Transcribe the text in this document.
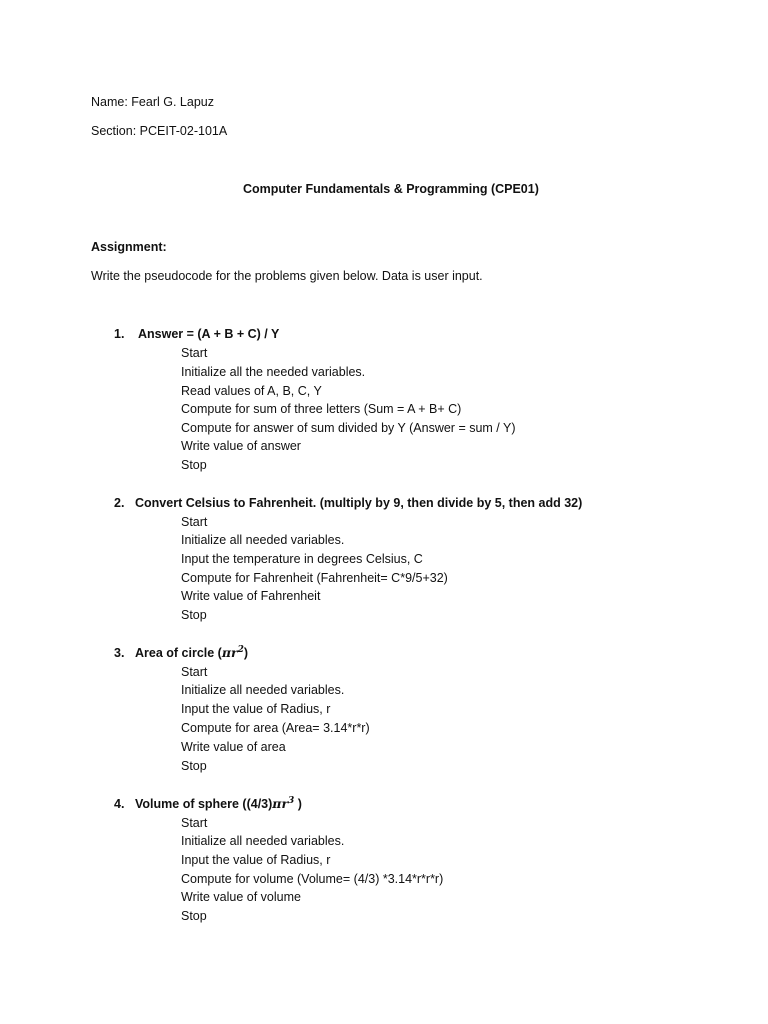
Name: Fearl G. Lapuz
Section: PCEIT-02-101A
Computer Fundamentals & Programming (CPE01)
Assignment:
Write the pseudocode for the problems given below. Data is user input.
1. Answer = (A + B + C) / Y
Start
Initialize all the needed variables.
Read values of A, B, C, Y
Compute for sum of three letters (Sum = A + B+ C)
Compute for answer of sum divided by Y (Answer = sum / Y)
Write value of answer
Stop
2. Convert Celsius to Fahrenheit. (multiply by 9, then divide by 5, then add 32)
Start
Initialize all needed variables.
Input the temperature in degrees Celsius, C
Compute for Fahrenheit (Fahrenheit= C*9/5+32)
Write value of Fahrenheit
Stop
3. Area of circle $(\pi r^2)$
Start
Initialize all needed variables.
Input the value of Radius, r
Compute for area (Area= 3.14*r*r)
Write value of area
Stop
4. Volume of sphere ($(4/3)\pi r^3$ )
Start
Initialize all needed variables.
Input the value of Radius, r
Compute for volume (Volume= (4/3) *3.14*r*r*r)
Write value of volume
Stop
